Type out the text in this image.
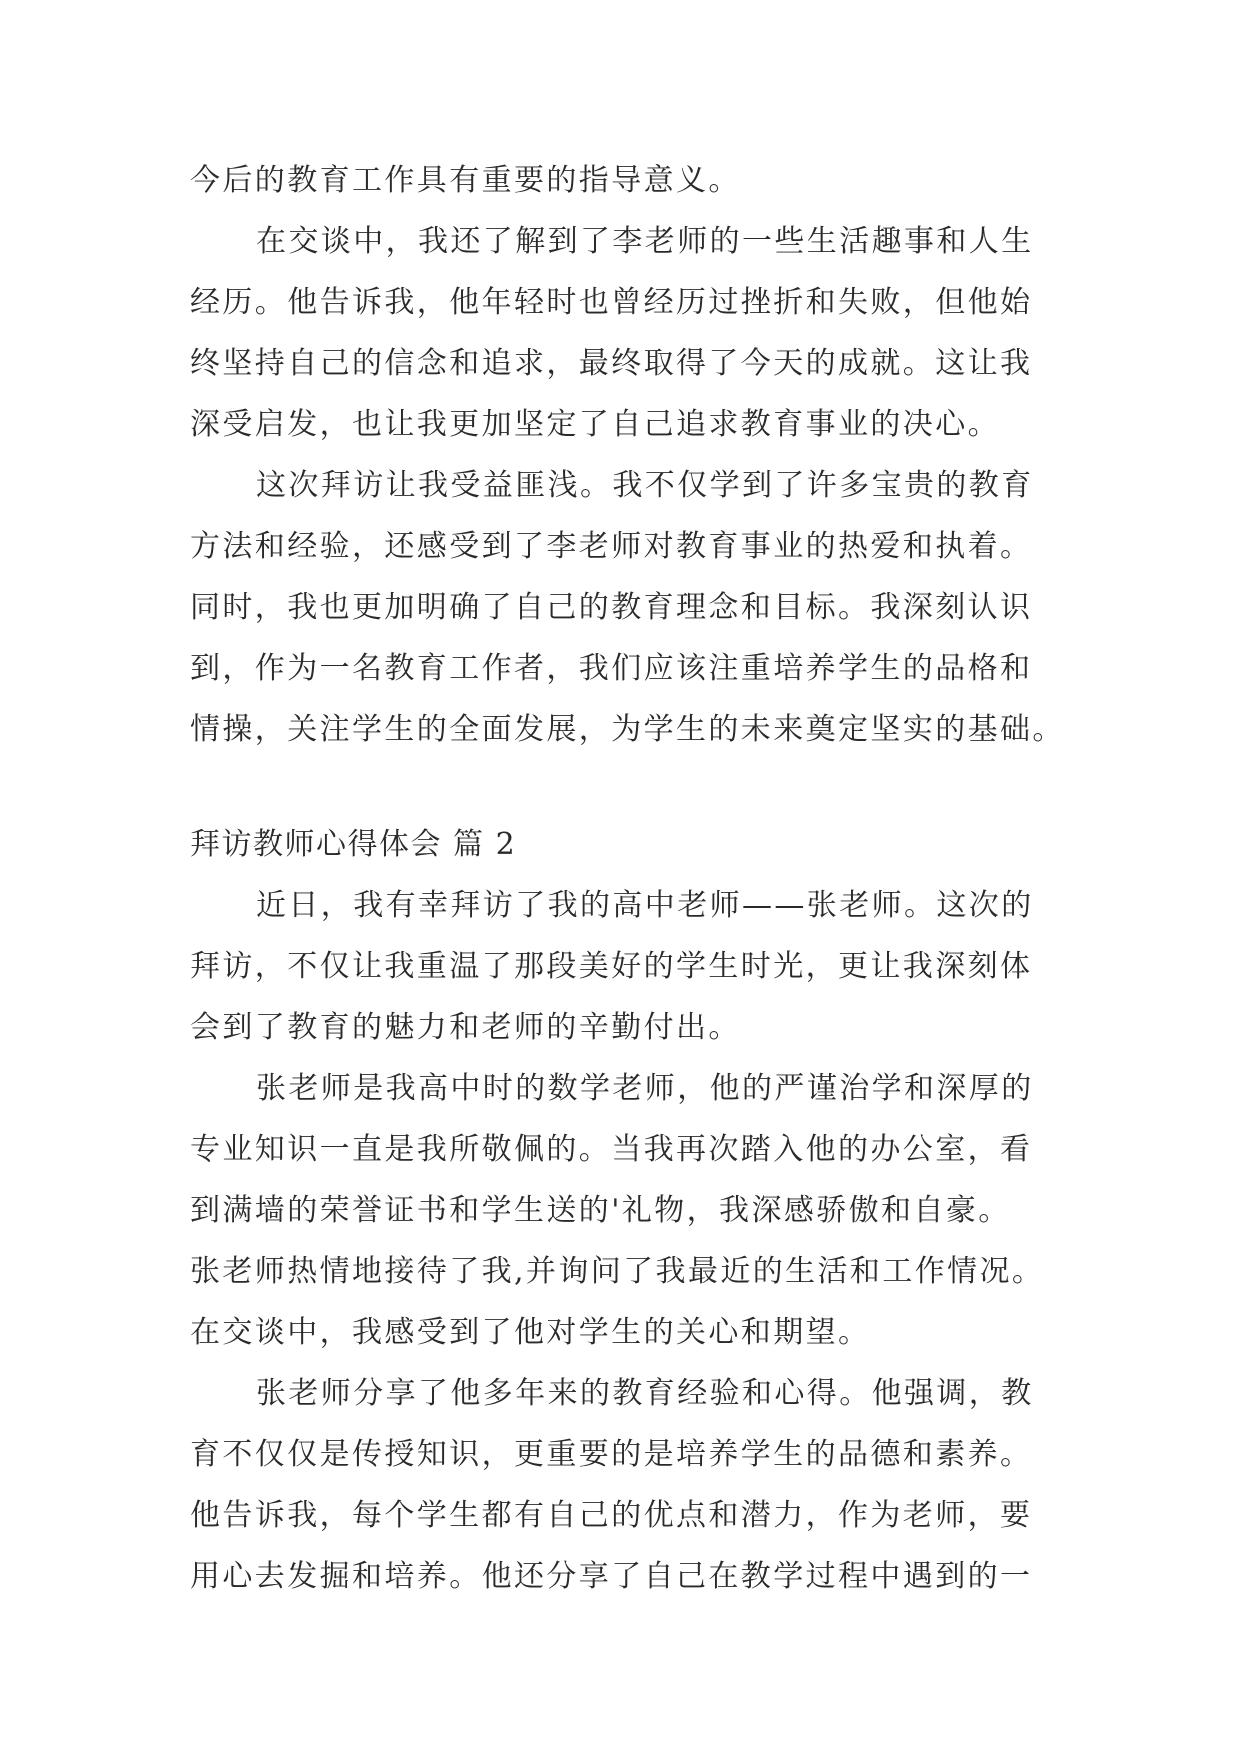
今后的教育工作具有重要的指导意义。
在交谈中，我还了解到了李老师的一些生活趣事和人生
经历。他告诉我，他年轻时也曾经历过挫折和失败，但他始
终坚持自己的信念和追求，最终取得了今天的成就。这让我
深受启发，也让我更加坚定了自己追求教育事业的决心。
这次拜访让我受益匪浅。我不仅学到了许多宝贵的教育
方法和经验，还感受到了李老师对教育事业的热爱和执着。
同时，我也更加明确了自己的教育理念和目标。我深刻认识
到，作为一名教育工作者，我们应该注重培养学生的品格和
情操，关注学生的全面发展，为学生的未来奠定坚实的基础。
拜访教师心得体会 篇 2
近日，我有幸拜访了我的高中老师——张老师。这次的
拜访，不仅让我重温了那段美好的学生时光，更让我深刻体
会到了教育的魅力和老师的辛勤付出。
张老师是我高中时的数学老师，他的严谨治学和深厚的
专业知识一直是我所敬佩的。当我再次踏入他的办公室，看
到满墙的荣誉证书和学生送的'礼物，我深感骄傲和自豪。
张老师热情地接待了我,并询问了我最近的生活和工作情况。
在交谈中，我感受到了他对学生的关心和期望。
张老师分享了他多年来的教育经验和心得。他强调，教
育不仅仅是传授知识，更重要的是培养学生的品德和素养。
他告诉我，每个学生都有自己的优点和潜力，作为老师，要
用心去发掘和培养。他还分享了自己在教学过程中遇到的一
